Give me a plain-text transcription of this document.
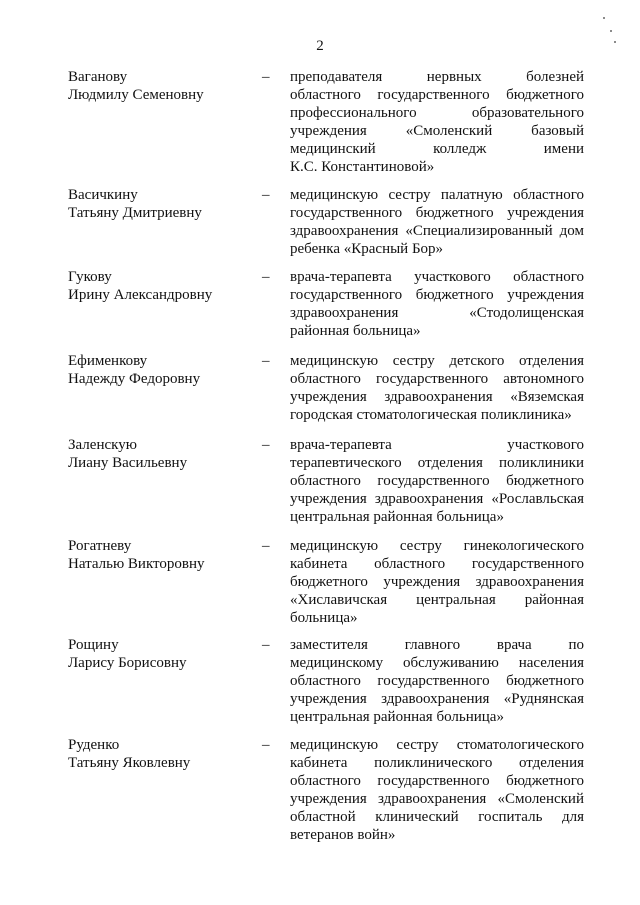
2
Ваганову
Людмилу Семеновну
– преподавателя нервных болезней
областного государственного бюджетного
профессионального образовательного
учреждения «Смоленский базовый
медицинский колледж имени
К.С. Константиновой»
Васичкину
Татьяну Дмитриевну
– медицинскую сестру палатную областного
государственного бюджетного учреждения
здравоохранения «Специализированный дом
ребенка «Красный Бор»
Гукову
Ирину Александровну
– врача-терапевта участкового областного
государственного бюджетного учреждения
здравоохранения «Стодолищенская
районная больница»
Ефименкову
Надежду Федоровну
– медицинскую сестру детского отделения
областного государственного автономного
учреждения здравоохранения «Вяземская
городская стоматологическая поликлиника»
Заленскую
Лиану Васильевну
– врача-терапевта участкового
терапевтического отделения поликлиники
областного государственного бюджетного
учреждения здравоохранения «Рославльская
центральная районная больница»
Рогатневу
Наталью Викторовну
– медицинскую сестру гинекологического
кабинета областного государственного
бюджетного учреждения здравоохранения
«Хиславичская центральная районная
больница»
Рощину
Ларису Борисовну
– заместителя главного врача по
медицинскому обслуживанию населения
областного государственного бюджетного
учреждения здравоохранения «Руднянская
центральная районная больница»
Руденко
Татьяну Яковлевну
– медицинскую сестру стоматологического
кабинета поликлинического отделения
областного государственного бюджетного
учреждения здравоохранения «Смоленский
областной клинический госпиталь для
ветеранов войн»
